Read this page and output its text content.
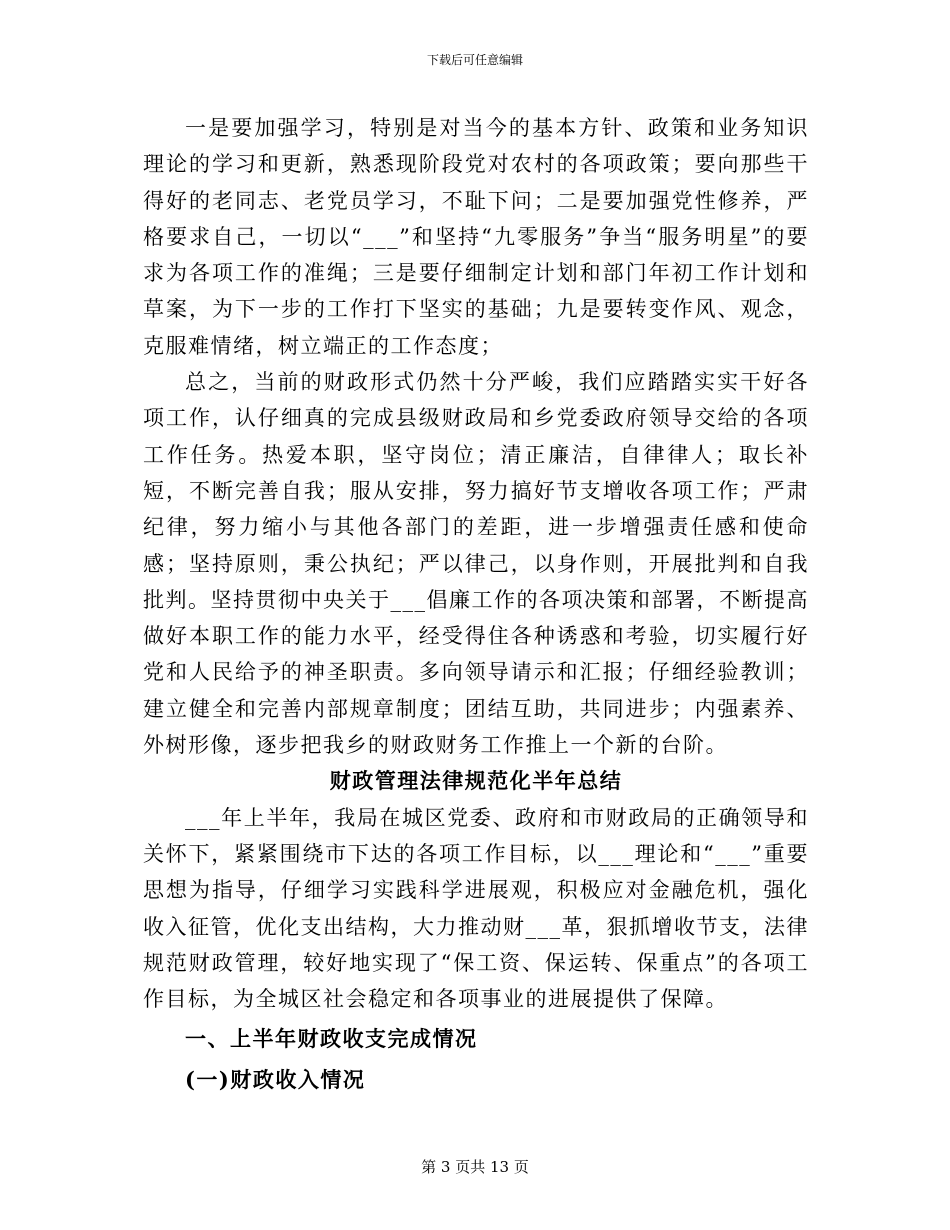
下载后可任意编辑

一是要加强学习，特别是对当今的基本方针、政策和业务知识理论的学习和更新，熟悉现阶段党对农村的各项政策；要向那些干得好的老同志、老党员学习，不耻下问；二是要加强党性修养，严格要求自己，一切以“___”和坚持“九零服务”争当“服务明星”的要求为各项工作的准绳；三是要仔细制定计划和部门年初工作计划和草案，为下一步的工作打下坚实的基础；九是要转变作风、观念，克服难情绪，树立端正的工作态度；

总之，当前的财政形式仍然十分严峻，我们应踏踏实实干好各项工作，认仔细真的完成县级财政局和乡党委政府领导交给的各项工作任务。热爱本职，坚守岗位；清正廉洁，自律律人；取长补短，不断完善自我；服从安排，努力搞好节支增收各项工作；严肃纪律，努力缩小与其他各部门的差距，进一步增强责任感和使命感；坚持原则，秉公执纪；严以律己，以身作则，开展批判和自我批判。坚持贯彻中央关于___倡廉工作的各项决策和部署，不断提高做好本职工作的能力水平，经受得住各种诱惑和考验，切实履行好党和人民给予的神圣职责。多向领导请示和汇报；仔细经验教训；建立健全和完善内部规章制度；团结互助，共同进步；内强素养、外树形像，逐步把我乡的财政财务工作推上一个新的台阶。

财政管理法律规范化半年总结

___年上半年，我局在城区党委、政府和市财政局的正确领导和关怀下，紧紧围绕市下达的各项工作目标，以___理论和“___”重要思想为指导，仔细学习实践科学进展观，积极应对金融危机，强化收入征管，优化支出结构，大力推动财___革，狠抓增收节支，法律规范财政管理，较好地实现了“保工资、保运转、保重点”的各项工作目标，为全城区社会稳定和各项事业的进展提供了保障。

一、上半年财政收支完成情况

(一)财政收入情况

第 3 页共 13 页
